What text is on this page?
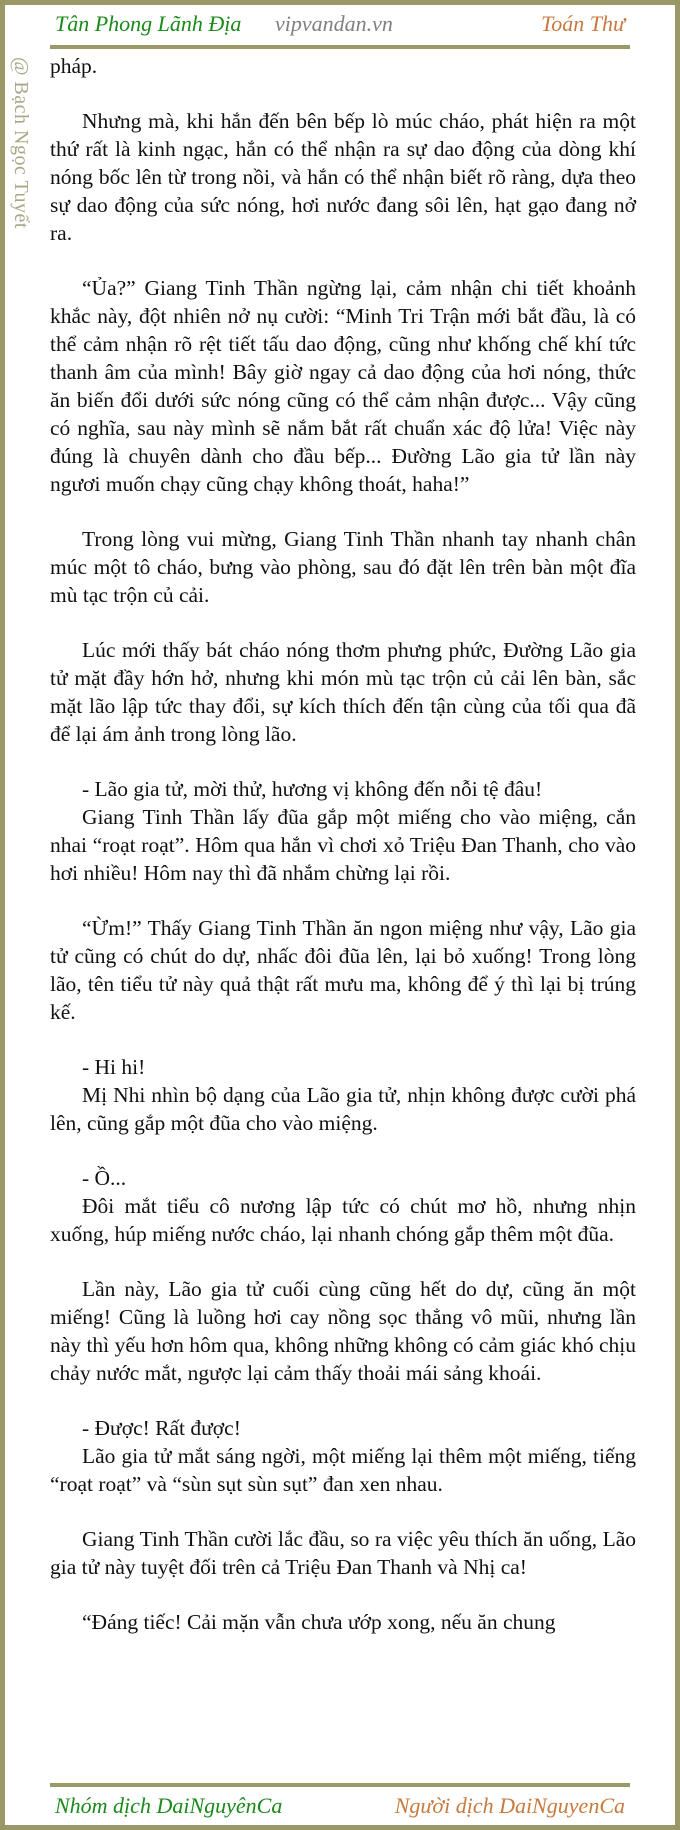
Tân Phong Lãnh Địa vipvandan.vn	Toán Thư
@ Bạch Ngọc Tuyết pháp.

Nhưng mà, khi hắn đến bên bếp lò múc cháo, phát hiện ra một thứ rất là kinh ngạc, hắn có thể nhận ra sự dao động của dòng khí nóng bốc lên từ trong nồi, và hắn có thể nhận biết rõ ràng, dựa theo sự dao động của sức nóng, hơi nước đang sôi lên, hạt gạo đang nở ra.

“Ủa?” Giang Tinh Thần ngừng lại, cảm nhận chi tiết khoảnh khắc này, đột nhiên nở nụ cười: “Minh Tri Trận mới bắt đầu, là có thể cảm nhận rõ rệt tiết tấu dao động, cũng như khống chế khí tức thanh âm của mình! Bây giờ ngay cả dao động của hơi nóng, thức ăn biến đổi dưới sức nóng cũng có thể cảm nhận được... Vậy cũng có nghĩa, sau này mình sẽ nắm bắt rất chuẩn xác độ lửa! Việc này đúng là chuyên dành cho đầu bếp... Đường Lão gia tử lần này ngươi muốn chạy cũng chạy không thoát, haha!”

Trong lòng vui mừng, Giang Tinh Thần nhanh tay nhanh chân múc một tô cháo, bưng vào phòng, sau đó đặt lên trên bàn một đĩa mù tạc trộn củ cải.

Lúc mới thấy bát cháo nóng thơm phưng phức, Đường Lão gia tử mặt đầy hớn hở, nhưng khi món mù tạc trộn củ cải lên bàn, sắc mặt lão lập tức thay đổi, sự kích thích đến tận cùng của tối qua đã để lại ám ảnh trong lòng lão.

- Lão gia tử, mời thử, hương vị không đến nỗi tệ đâu!

Giang Tinh Thần lấy đũa gắp một miếng cho vào miệng, cắn nhai “roạt roạt”. Hôm qua hắn vì chơi xỏ Triệu Đan Thanh, cho vào hơi nhiều! Hôm nay thì đã nhắm chừng lại rồi.

“Ừm!” Thấy Giang Tinh Thần ăn ngon miệng như vậy, Lão gia tử cũng có chút do dự, nhấc đôi đũa lên, lại bỏ xuống! Trong lòng lão, tên tiểu tử này quả thật rất mưu ma, không để ý thì lại bị trúng kế.

- Hi hi!

Mị Nhi nhìn bộ dạng của Lão gia tử, nhịn không được cười phá lên, cũng gắp một đũa cho vào miệng.

- Ồ...

Đôi mắt tiểu cô nương lập tức có chút mơ hồ, nhưng nhịn xuống, húp miếng nước cháo, lại nhanh chóng gắp thêm một đũa.

Lần này, Lão gia tử cuối cùng cũng hết do dự, cũng ăn một miếng! Cũng là luồng hơi cay nồng sọc thẳng vô mũi, nhưng lần này thì yếu hơn hôm qua, không những không có cảm giác khó chịu chảy nước mắt, ngược lại cảm thấy thoải mái sảng khoái.

- Được! Rất được!

Lão gia tử mắt sáng ngời, một miếng lại thêm một miếng, tiếng “roạt roạt” và “sùn sụt sùn sụt” đan xen nhau.

Giang Tinh Thần cười lắc đầu, so ra việc yêu thích ăn uống, Lão gia tử này tuyệt đối trên cả Triệu Đan Thanh và Nhị ca!

“Đáng tiếc! Cải mặn vẫn chưa ướp xong, nếu ăn chung

Nhóm dịch DaiNguyênCa	Người dịch DaiNguyenCa
